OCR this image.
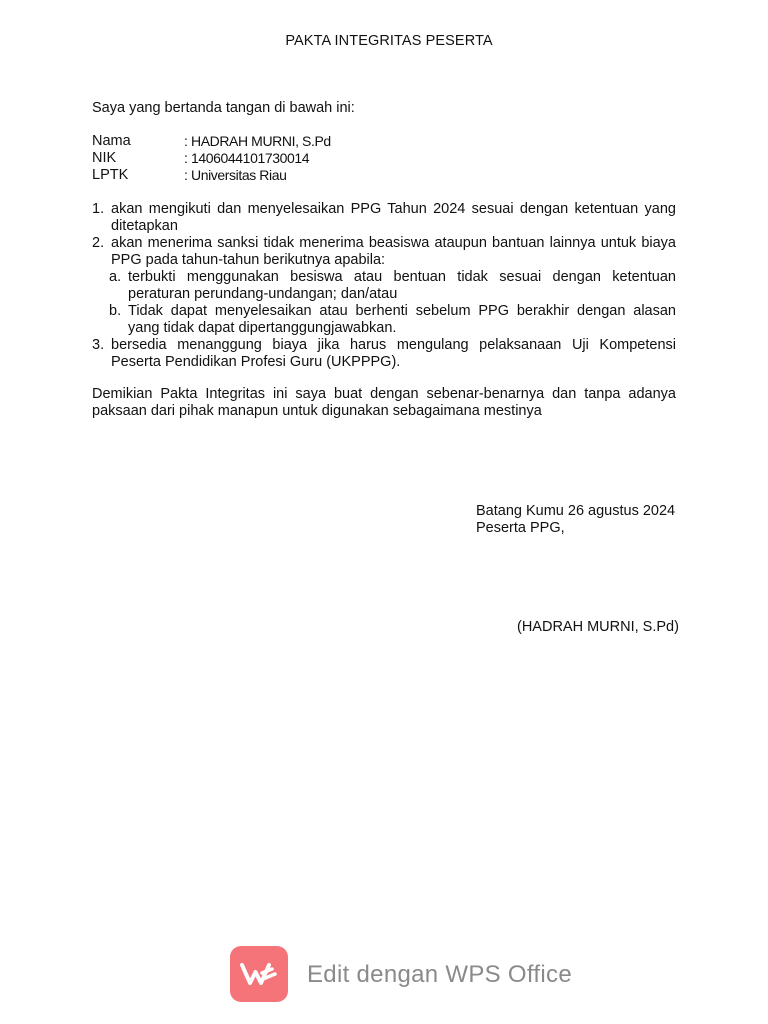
PAKTA INTEGRITAS PESERTA
Saya yang bertanda tangan di bawah ini:
Nama	: HADRAH MURNI, S.Pd
NIK	: 1406044101730014
LPTK	: Universitas Riau
1. akan mengikuti dan menyelesaikan PPG Tahun 2024 sesuai dengan ketentuan yang ditetapkan
2. akan menerima sanksi tidak menerima beasiswa ataupun bantuan lainnya untuk biaya PPG pada tahun-tahun berikutnya apabila:
a. terbukti menggunakan besiswa atau bentuan tidak sesuai dengan ketentuan peraturan perundang-undangan; dan/atau
b. Tidak dapat menyelesaikan atau berhenti sebelum PPG berakhir dengan alasan yang tidak dapat dipertanggungjawabkan.
3. bersedia menanggung biaya jika harus mengulang pelaksanaan Uji Kompetensi Peserta Pendidikan Profesi Guru (UKPPPG).
Demikian Pakta Integritas ini saya buat dengan sebenar-benarnya dan tanpa adanya paksaan dari pihak manapun untuk digunakan sebagaimana mestinya
Batang Kumu 26 agustus 2024
Peserta PPG,
(HADRAH MURNI, S.Pd)
Edit dengan WPS Office
